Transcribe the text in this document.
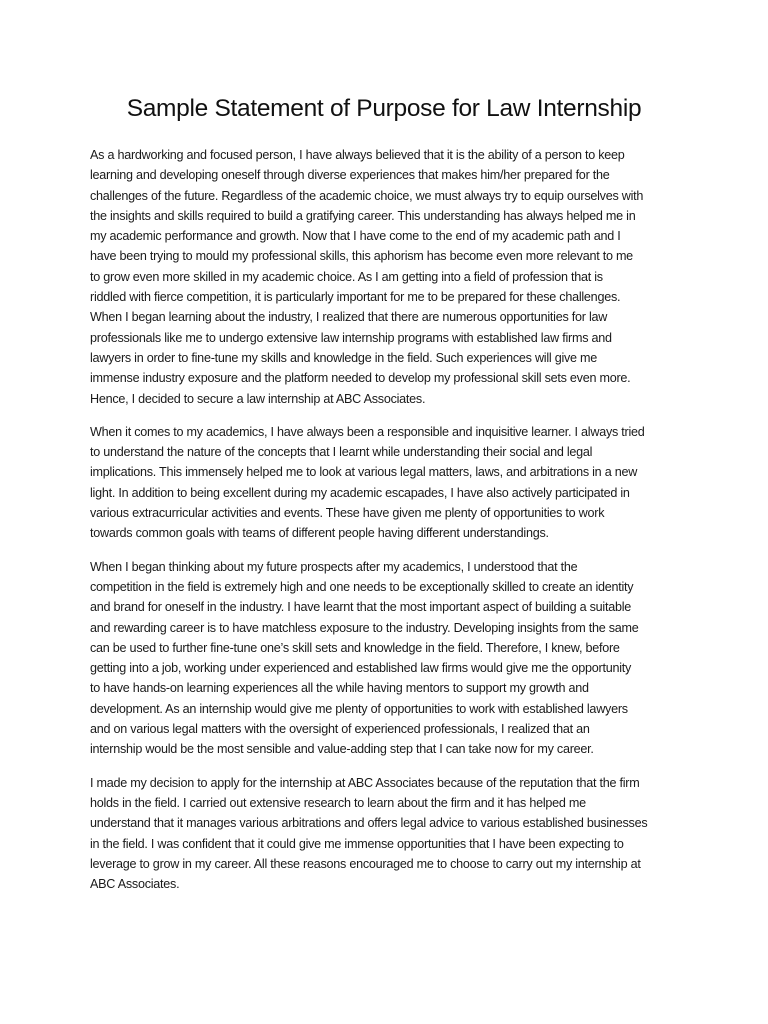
Sample Statement of Purpose for Law Internship
As a hardworking and focused person, I have always believed that it is the ability of a person to keep
learning and developing oneself through diverse experiences that makes him/her prepared for the
challenges of the future. Regardless of the academic choice, we must always try to equip ourselves with
the insights and skills required to build a gratifying career. This understanding has always helped me in
my academic performance and growth. Now that I have come to the end of my academic path and I
have been trying to mould my professional skills, this aphorism has become even more relevant to me
to grow even more skilled in my academic choice. As I am getting into a field of profession that is
riddled with fierce competition, it is particularly important for me to be prepared for these challenges.
When I began learning about the industry, I realized that there are numerous opportunities for law
professionals like me to undergo extensive law internship programs with established law firms and
lawyers in order to fine-tune my skills and knowledge in the field. Such experiences will give me
immense industry exposure and the platform needed to develop my professional skill sets even more.
Hence, I decided to secure a law internship at ABC Associates.
When it comes to my academics, I have always been a responsible and inquisitive learner. I always tried
to understand the nature of the concepts that I learnt while understanding their social and legal
implications. This immensely helped me to look at various legal matters, laws, and arbitrations in a new
light. In addition to being excellent during my academic escapades, I have also actively participated in
various extracurricular activities and events. These have given me plenty of opportunities to work
towards common goals with teams of different people having different understandings.
When I began thinking about my future prospects after my academics, I understood that the
competition in the field is extremely high and one needs to be exceptionally skilled to create an identity
and brand for oneself in the industry. I have learnt that the most important aspect of building a suitable
and rewarding career is to have matchless exposure to the industry. Developing insights from the same
can be used to further fine-tune one’s skill sets and knowledge in the field. Therefore, I knew, before
getting into a job, working under experienced and established law firms would give me the opportunity
to have hands-on learning experiences all the while having mentors to support my growth and
development. As an internship would give me plenty of opportunities to work with established lawyers
and on various legal matters with the oversight of experienced professionals, I realized that an
internship would be the most sensible and value-adding step that I can take now for my career.
I made my decision to apply for the internship at ABC Associates because of the reputation that the firm
holds in the field. I carried out extensive research to learn about the firm and it has helped me
understand that it manages various arbitrations and offers legal advice to various established businesses
in the field. I was confident that it could give me immense opportunities that I have been expecting to
leverage to grow in my career. All these reasons encouraged me to choose to carry out my internship at
ABC Associates.
